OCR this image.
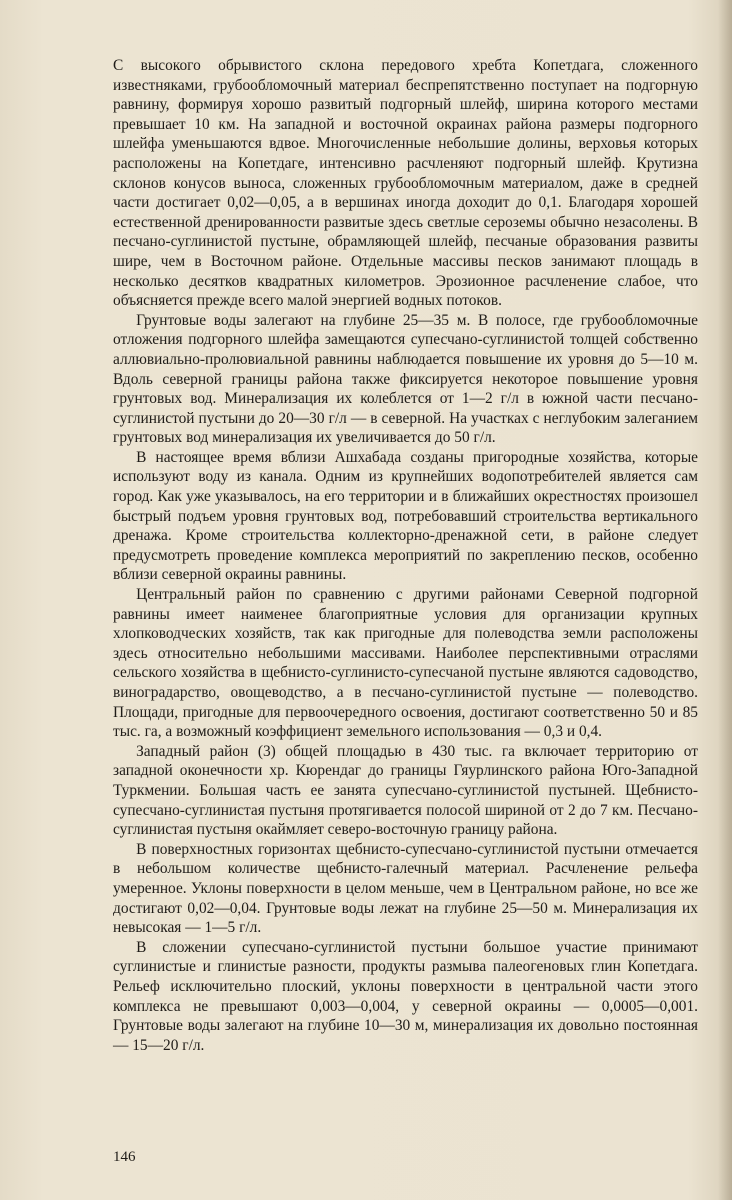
С высокого обрывистого склона передового хребта Копетдага, сложенного известняками, грубообломочный материал беспрепятственно поступает на подгорную равнину, формируя хорошо развитый подгорный шлейф, ширина которого местами превышает 10 км. На западной и восточной окраинах района размеры подгорного шлейфа уменьшаются вдвое. Многочисленные небольшие долины, верховья которых расположены на Копетдаге, интенсивно расчленяют подгорный шлейф. Крутизна склонов конусов выноса, сложенных грубообломочным материалом, даже в средней части достигает 0,02—0,05, а в вершинах иногда доходит до 0,1. Благодаря хорошей естественной дренированности развитые здесь светлые сероземы обычно незасолены. В песчано-суглинистой пустыне, обрамляющей шлейф, песчаные образования развиты шире, чем в Восточном районе. Отдельные массивы песков занимают площадь в несколько десятков квадратных километров. Эрозионное расчленение слабое, что объясняется прежде всего малой энергией водных потоков.

Грунтовые воды залегают на глубине 25—35 м. В полосе, где грубообломочные отложения подгорного шлейфа замещаются супесчано-суглинистой толщей собственно аллювиально-пролювиальной равнины наблюдается повышение их уровня до 5—10 м. Вдоль северной границы района также фиксируется некоторое повышение уровня грунтовых вод. Минерализация их колеблется от 1—2 г/л в южной части песчано-суглинистой пустыни до 20—30 г/л — в северной. На участках с неглубоким залеганием грунтовых вод минерализация их увеличивается до 50 г/л.

В настоящее время вблизи Ашхабада созданы пригородные хозяйства, которые используют воду из канала. Одним из крупнейших водопотребителей является сам город. Как уже указывалось, на его территории и в ближайших окрестностях произошел быстрый подъем уровня грунтовых вод, потребовавший строительства вертикального дренажа. Кроме строительства коллекторно-дренажной сети, в районе следует предусмотреть проведение комплекса мероприятий по закреплению песков, особенно вблизи северной окраины равнины.

Центральный район по сравнению с другими районами Северной подгорной равнины имеет наименее благоприятные условия для организации крупных хлопководческих хозяйств, так как пригодные для полеводства земли расположены здесь относительно небольшими массивами. Наиболее перспективными отраслями сельского хозяйства в щебнисто-суглинисто-супесчаной пустыне являются садоводство, виноградарство, овощеводство, а в песчано-суглинистой пустыне — полеводство. Площади, пригодные для первоочередного освоения, достигают соответственно 50 и 85 тыс. га, а возможный коэффициент земельного использования — 0,3 и 0,4.

Западный район (3) общей площадью в 430 тыс. га включает территорию от западной оконечности хр. Кюрендаг до границы Гяурлинского района Юго-Западной Туркмении. Большая часть ее занята супесчано-суглинистой пустыней. Щебнисто-супесчано-суглинистая пустыня протягивается полосой шириной от 2 до 7 км. Песчано-суглинистая пустыня окаймляет северо-восточную границу района.

В поверхностных горизонтах щебнисто-супесчано-суглинистой пустыни отмечается в небольшом количестве щебнисто-галечный материал. Расчленение рельефа умеренное. Уклоны поверхности в целом меньше, чем в Центральном районе, но все же достигают 0,02—0,04. Грунтовые воды лежат на глубине 25—50 м. Минерализация их невысокая — 1—5 г/л.

В сложении супесчано-суглинистой пустыни большое участие принимают суглинистые и глинистые разности, продукты размыва палеогеновых глин Копетдага. Рельеф исключительно плоский, уклоны поверхности в центральной части этого комплекса не превышают 0,003—0,004, у северной окраины — 0,0005—0,001. Грунтовые воды залегают на глубине 10—30 м, минерализация их довольно постоянная — 15—20 г/л.

146
